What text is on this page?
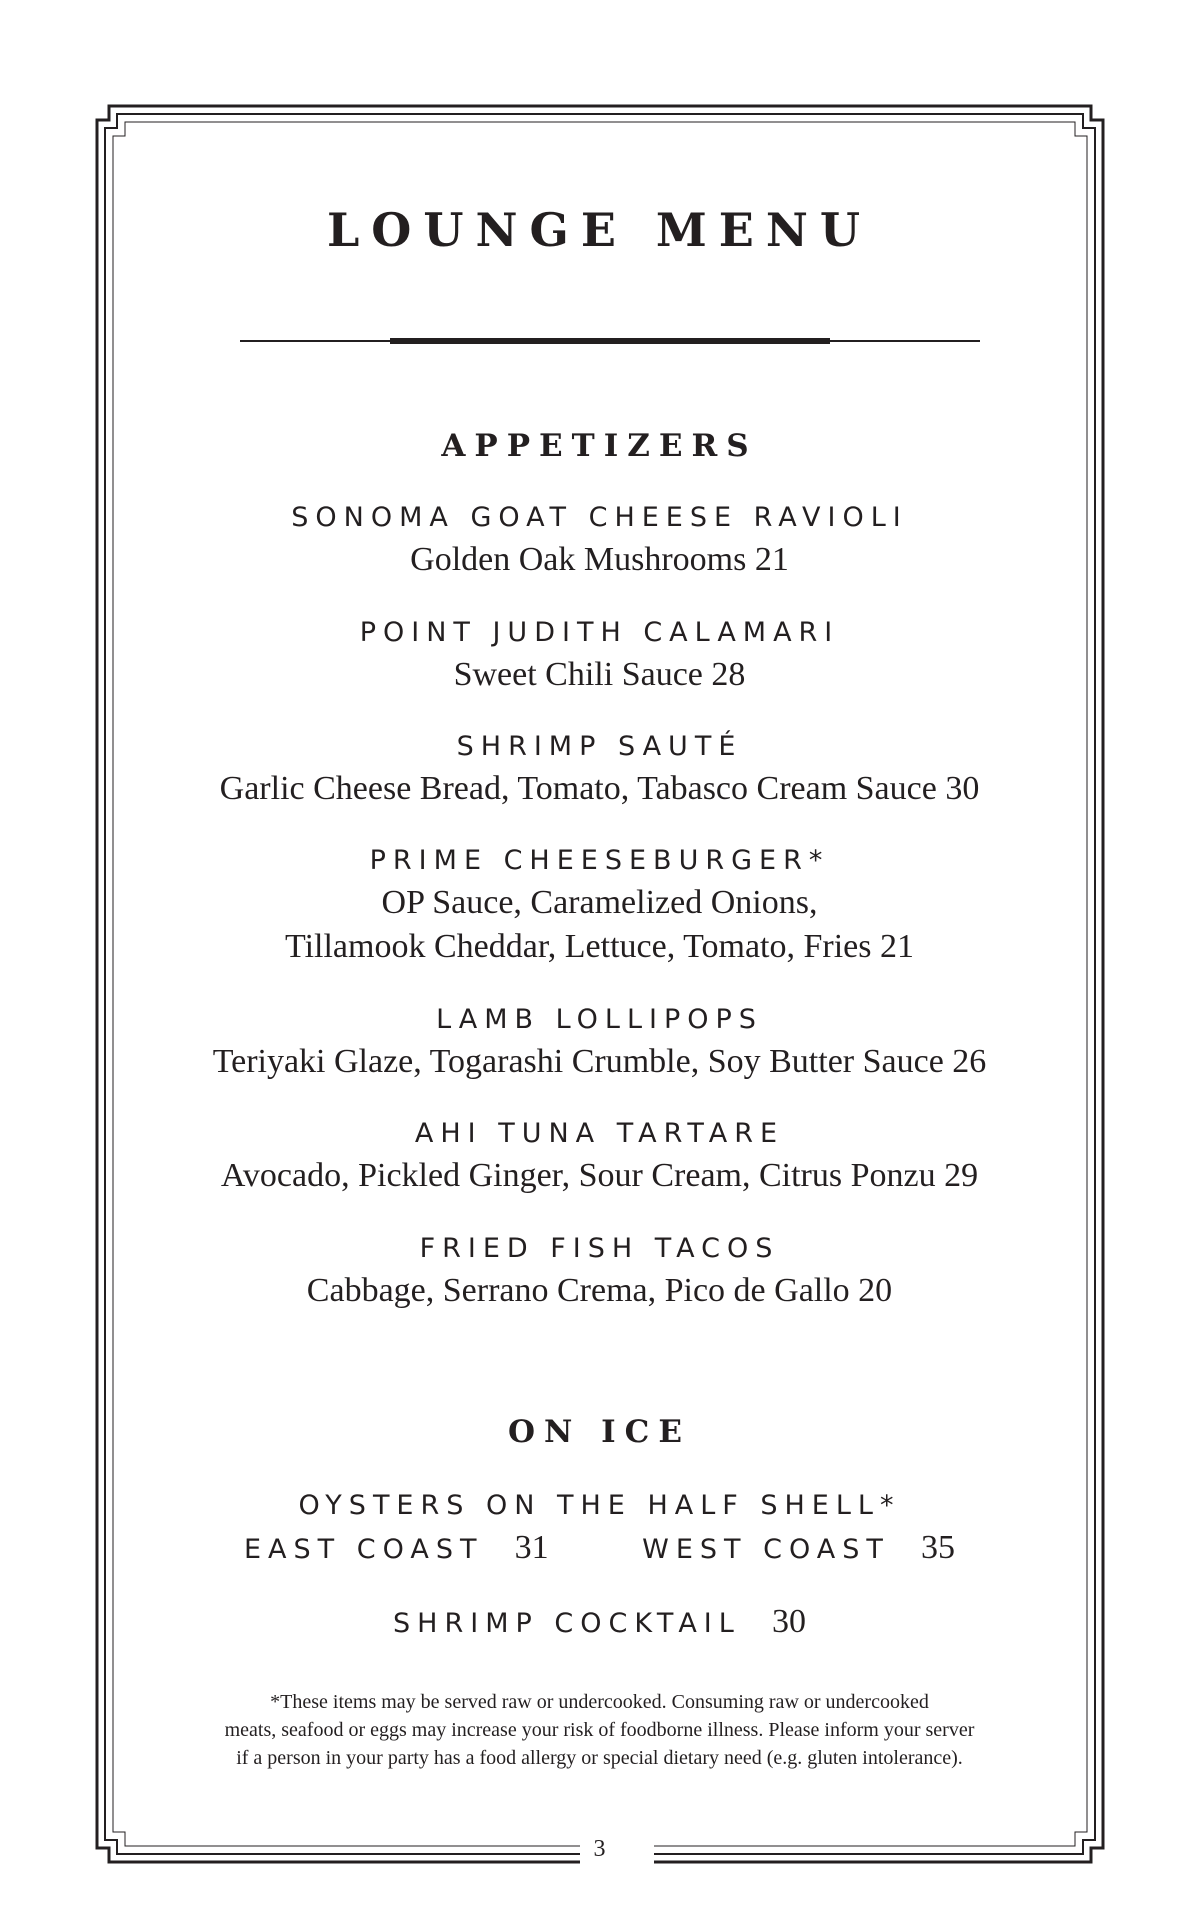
LOUNGE MENU
APPETIZERS
SONOMA GOAT CHEESE RAVIOLI
Golden Oak Mushrooms 21
POINT JUDITH CALAMARI
Sweet Chili Sauce 28
SHRIMP SAUTÉ
Garlic Cheese Bread, Tomato, Tabasco Cream Sauce 30
PRIME CHEESEBURGER*
OP Sauce, Caramelized Onions,
Tillamook Cheddar, Lettuce, Tomato, Fries 21
LAMB LOLLIPOPS
Teriyaki Glaze, Togarashi Crumble, Soy Butter Sauce 26
AHI TUNA TARTARE
Avocado, Pickled Ginger, Sour Cream, Citrus Ponzu 29
FRIED FISH TACOS
Cabbage, Serrano Crema, Pico de Gallo 20
ON ICE
OYSTERS ON THE HALF SHELL*
EAST COAST 31	WEST COAST 35
SHRIMP COCKTAIL 30
*These items may be served raw or undercooked. Consuming raw or undercooked
meats, seafood or eggs may increase your risk of foodborne illness. Please inform your server
if a person in your party has a food allergy or special dietary need (e.g. gluten intolerance).
3
